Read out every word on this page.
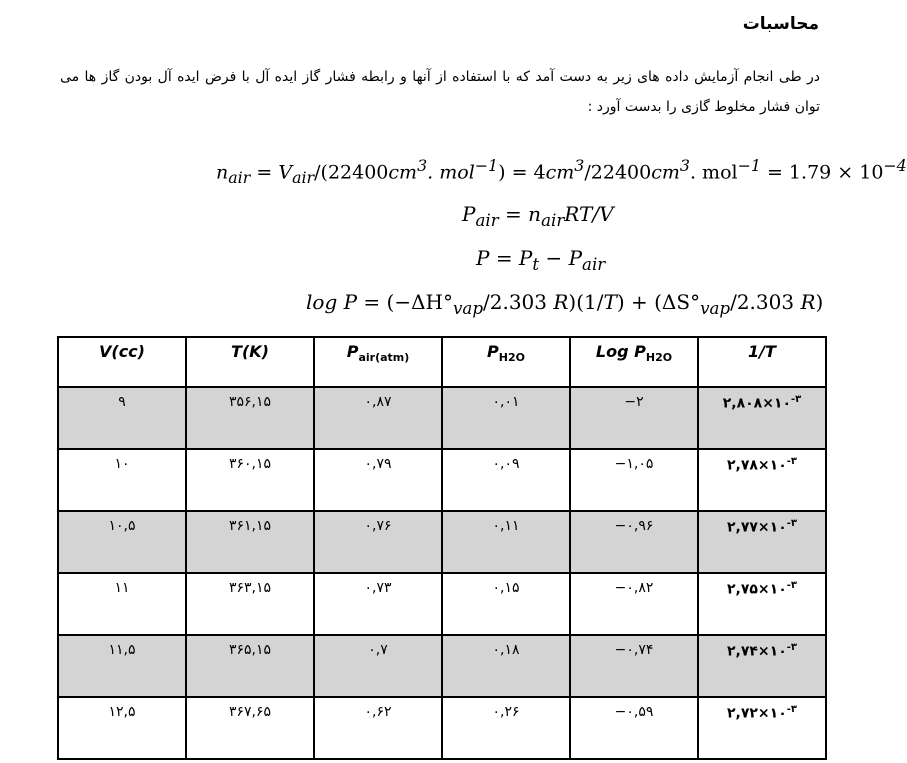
محاسبات
در طی انجام آزمایش داده های زیر به دست آمد که با استفاده از آنها و رابطه فشار گاز ایده آل با فرض ایده آل بودن گاز ها می توان فشار مخلوط گازی را بدست آورد :
$n_{air} = V_{air}/(22400cm^3$. $mol^{-1}) = 4cm^3/22400cm^3$. $mol^{-1} = 1.79 \times 10^{-4}$
$P_{air} = n_{air}RT/V$
$P = P_t - P_{air}$
$\log P = (-\Delta H^\circ_{vap}/2.303$ $R)(1/T) + (\Delta S^\circ_{vap}/2.303$ R)
V(cc)	T(K)	$P_{air(atm)}$	$P_{H2O}$	Log $P_{H2O}$	1/T
۹	۳۵۶,۱۵	۰,۸۷	۰,۰۱	−۲	$۲,۸۰۸\times ۱۰^{-۳}$
۱۰	۳۶۰,۱۵	۰,۷۹	۰,۰۹	−۱,۰۵	$۲,۷۸\times ۱۰^{-۳}$
۱۰,۵	۳۶۱,۱۵	۰,۷۶	۰,۱۱	−۰,۹۶	$۲,۷۷\times ۱۰^{-۳}$
۱۱	۳۶۳,۱۵	۰,۷۳	۰,۱۵	−۰,۸۲	$۲,۷۵\times ۱۰^{-۳}$
۱۱,۵	۳۶۵,۱۵	۰,۷	۰,۱۸	−۰,۷۴	$۲,۷۴\times ۱۰^{-۳}$
۱۲,۵	۳۶۷,۶۵	۰,۶۲	۰,۲۶	−۰,۵۹	$۲,۷۲\times ۱۰^{-۳}$
